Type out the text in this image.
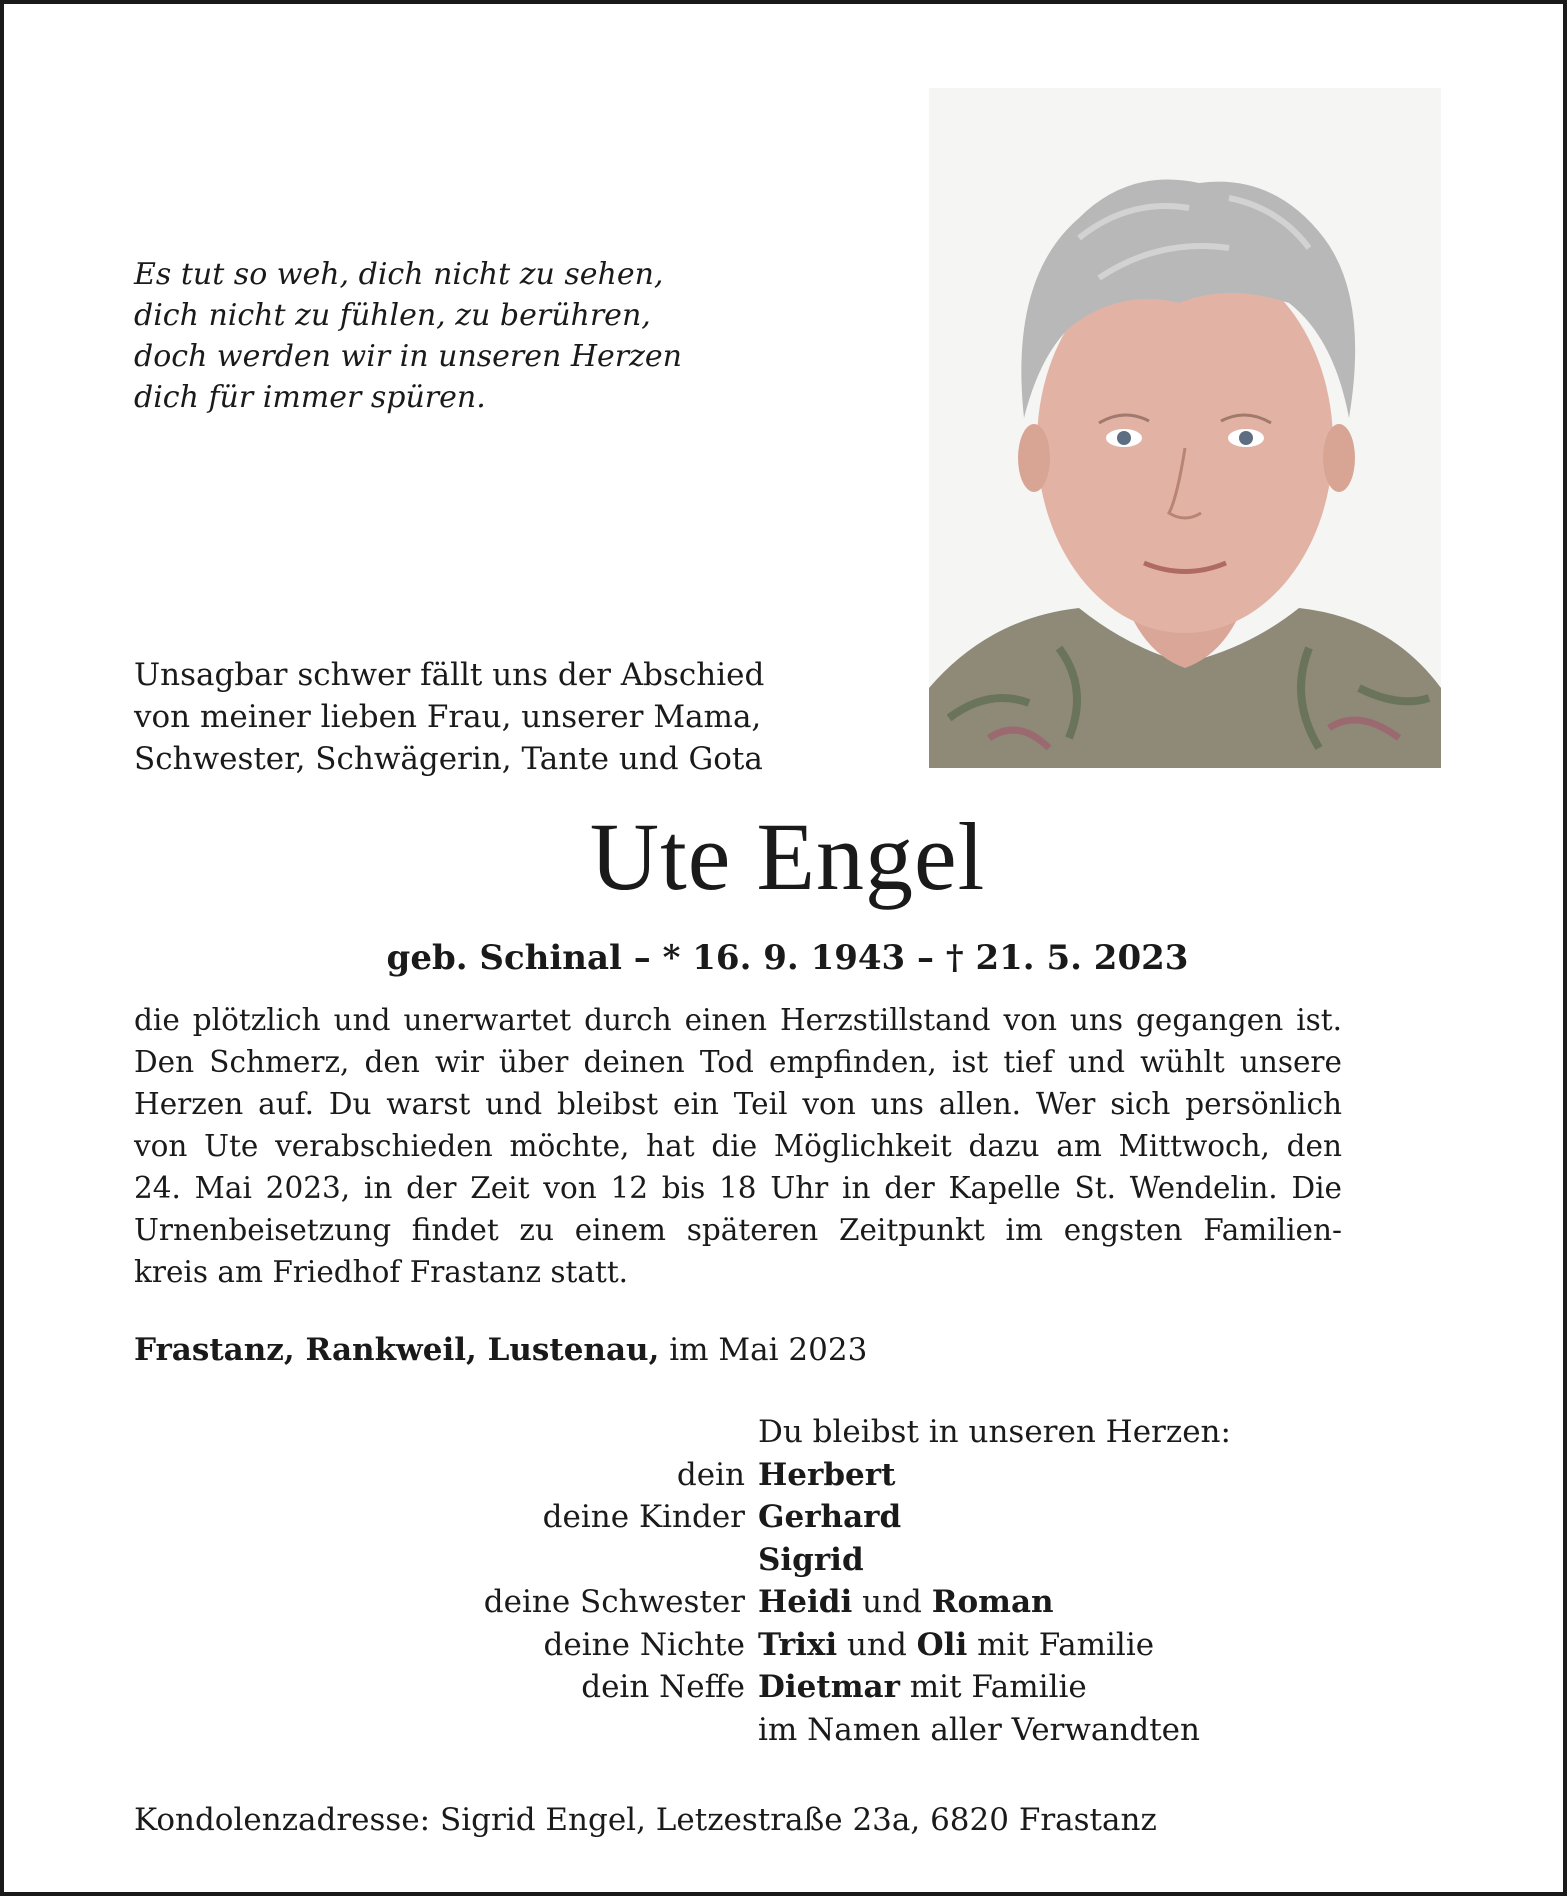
Es tut so weh, dich nicht zu sehen,
dich nicht zu fühlen, zu berühren,
doch werden wir in unseren Herzen
dich für immer spüren.
Unsagbar schwer fällt uns der Abschied
von meiner lieben Frau, unserer Mama,
Schwester, Schwägerin, Tante und Gota
Ute Engel
geb. Schinal – * 16. 9. 1943 – † 21. 5. 2023
die plötzlich und unerwartet durch einen Herzstillstand von uns gegangen ist.
Den Schmerz, den wir über deinen Tod empfinden, ist tief und wühlt unsere
Herzen auf. Du warst und bleibst ein Teil von uns allen. Wer sich persönlich
von Ute verabschieden möchte, hat die Möglichkeit dazu am Mittwoch, den
24. Mai 2023, in der Zeit von 12 bis 18 Uhr in der Kapelle St. Wendelin. Die
Urnenbeisetzung findet zu einem späteren Zeitpunkt im engsten Familien-
kreis am Friedhof Frastanz statt.
Frastanz, Rankweil, Lustenau, im Mai 2023
Du bleibst in unseren Herzen:
dein Herbert
deine Kinder Gerhard
Sigrid
deine Schwester Heidi und Roman
deine Nichte Trixi und Oli mit Familie
dein Neffe Dietmar mit Familie
im Namen aller Verwandten
Kondolenzadresse: Sigrid Engel, Letzestraße 23a, 6820 Frastanz
